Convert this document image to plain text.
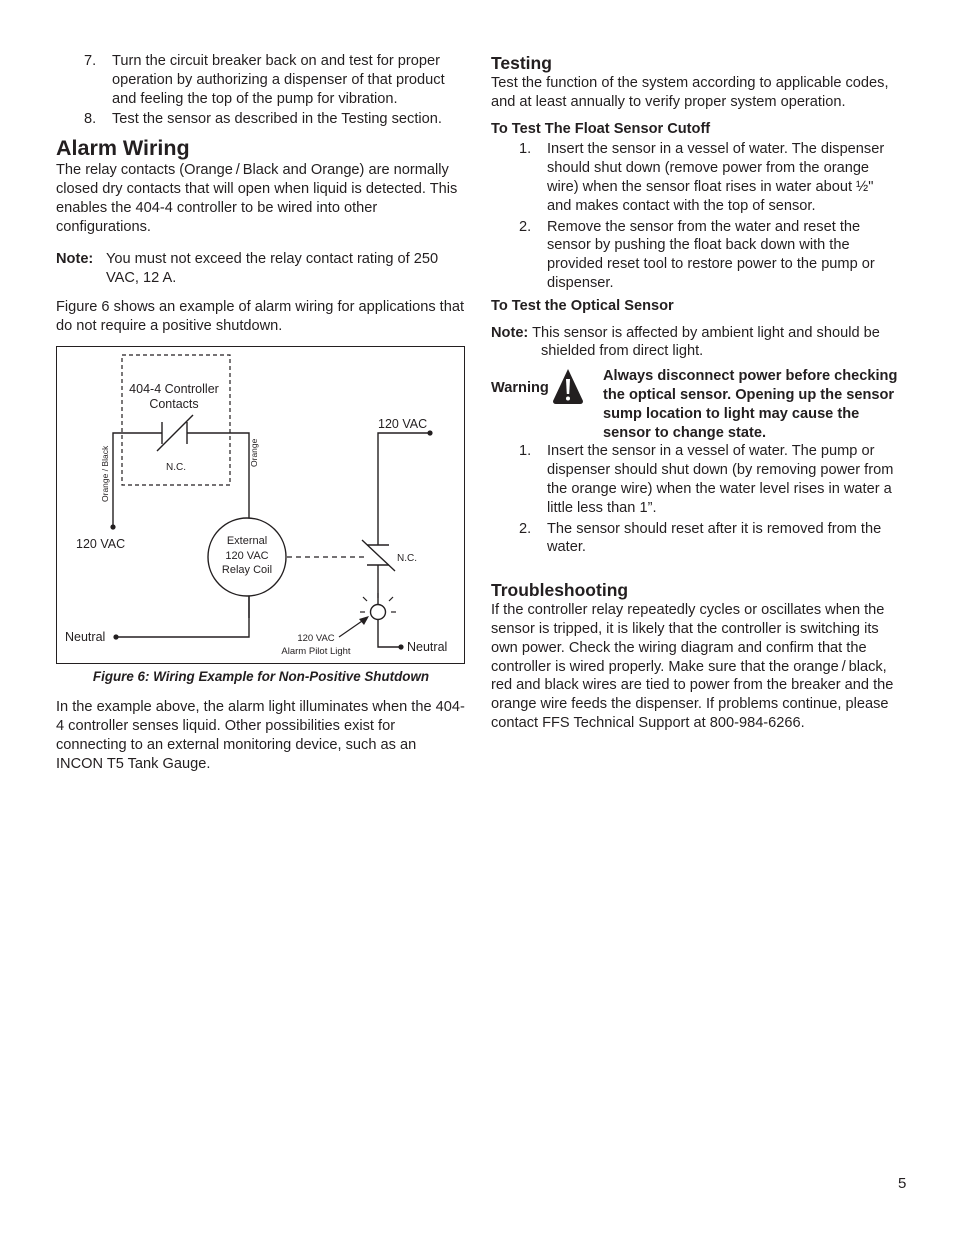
7. Turn the circuit breaker back on and test for proper operation by authorizing a dispenser of that product and feeling the top of the pump for vibration.
8. Test the sensor as described in the Testing section.
Alarm Wiring

The relay contacts (Orange / Black and Orange) are normally closed dry contacts that will open when liquid is detected. This enables the 404-4 controller to be wired into other configurations.

Note: You must not exceed the relay contact rating of 250 VAC, 12 A.

Figure 6 shows an example of alarm wiring for applications that do not require a positive shutdown.

404-4 Controller
Contacts
N.C.
Orange / Black	Orange
120 VAC	External
120 VAC
Relay Coil
Neutral
120 VAC
N.C.
120 VAC
Alarm Pilot Light	Neutral
Figure 6: Wiring Example for Non-Positive Shutdown

In the example above, the alarm light illuminates when the 404-4 controller senses liquid. Other possibilities exist for connecting to an external monitoring device, such as an INCON T5 Tank Gauge.

Testing

Test the function of the system according to applicable codes, and at least annually to verify proper system operation.

To Test The Float Sensor Cutoff
1. Insert the sensor in a vessel of water. The dispenser should shut down (remove power from the orange wire) when the sensor float rises in water about ½" and makes contact with the top of sensor.
2. Remove the sensor from the water and reset the sensor by pushing the float back down with the provided reset tool to restore power to the pump or dispenser.
To Test the Optical Sensor
Note: This sensor is affected by ambient light and should be shielded from direct light.
Warning
Always disconnect power before checking the optical sensor. Opening up the sensor sump location to light may cause the sensor to change state.
1. Insert the sensor in a vessel of water. The pump or dispenser should shut down (by removing power from the orange wire) when the water level rises in water a little less than 1”.
2. The sensor should reset after it is removed from the water.
Troubleshooting

If the controller relay repeatedly cycles or oscillates when the sensor is tripped, it is likely that the controller is switching its own power. Check the wiring diagram and confirm that the controller is wired properly. Make sure that the orange / black, red and black wires are tied to power from the breaker and the orange wire feeds the dispenser. If problems continue, please contact FFS Technical Support at 800-984-6266.

5
